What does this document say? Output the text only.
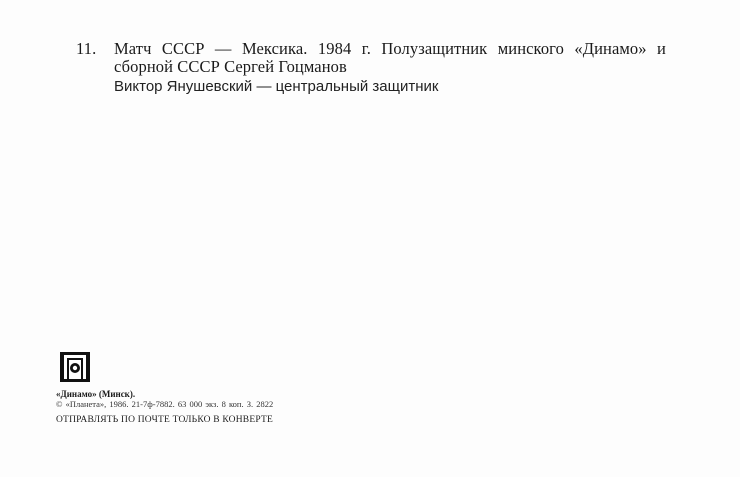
11.	Матч СССР — Мексика. 1984 г. Полузащитник минского «Динамо» и сборной СССР Сергей Гоцманов
Виктор Янушевский — центральный защитник
«Динамо» (Минск).
© «Планета», 1986. 21-7ф-7882. 63 000 экз. 8 коп. З. 2822
ОТПРАВЛЯТЬ ПО ПОЧТЕ ТОЛЬКО В КОНВЕРТЕ
